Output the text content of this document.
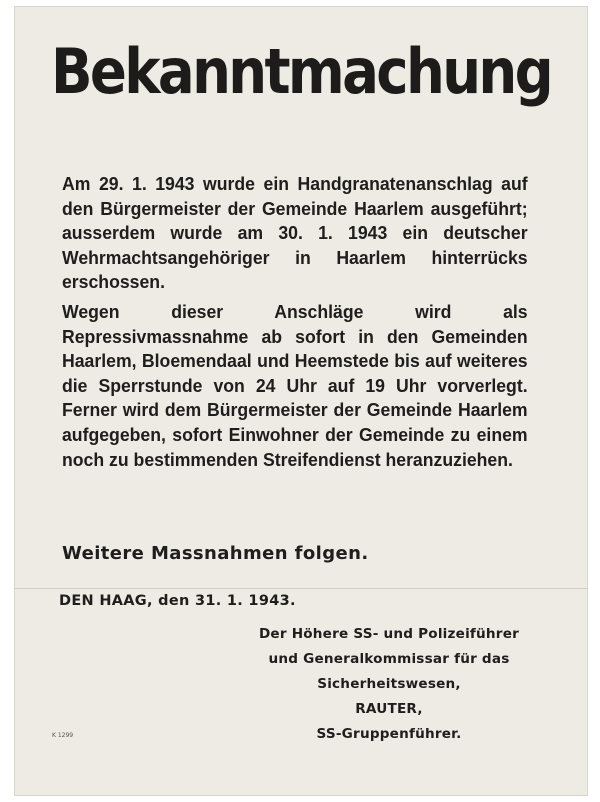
Bekanntmachung

Am 29. 1. 1943 wurde ein Handgranatenanschlag auf den Bürgermeister der Gemeinde Haarlem ausgeführt; ausserdem wurde am 30. 1. 1943 ein deutscher Wehrmachtsangehöriger in Haarlem hinterrücks erschossen.

Wegen dieser Anschläge wird als Repressivmassnahme ab sofort in den Gemeinden Haarlem, Bloemendaal und Heemstede bis auf weiteres die Sperrstunde von 24 Uhr auf 19 Uhr vorverlegt. Ferner wird dem Bürgermeister der Gemeinde Haarlem aufgegeben, sofort Einwohner der Gemeinde zu einem noch zu bestimmenden Streifendienst heranzuziehen.

Weitere Massnahmen folgen.
DEN HAAG, den 31. 1. 1943.
Der Höhere SS- und Polizeiführer
und Generalkommissar für das
Sicherheitswesen,
RAUTER,
SS-Gruppenführer.
K 1299
